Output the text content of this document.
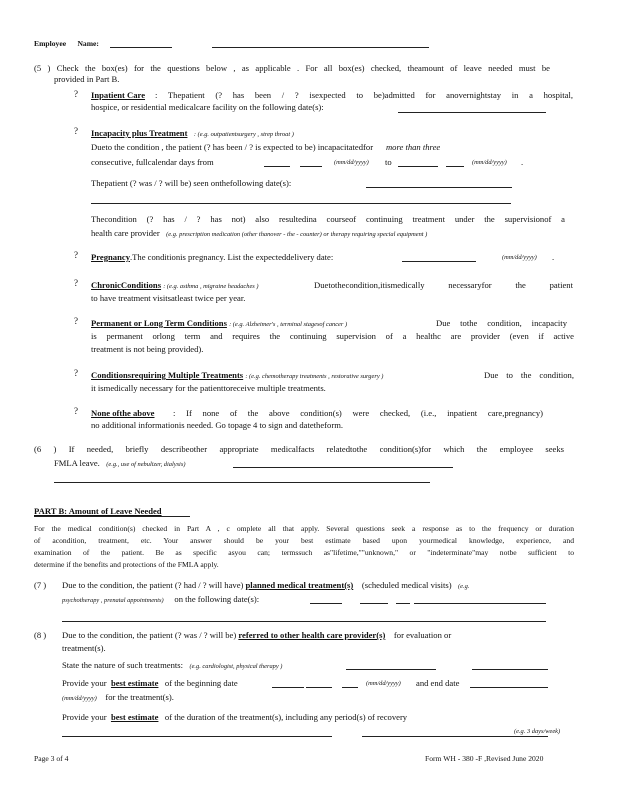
Employee Name:
(5 ) Check the box(es) for the questions below , as applicable . For all box(es) checked, theamount of leave needed must be
provided in Part B.
? Inpatient Care : Thepatient (? has been / ? isexpected to be)admitted for anovernightstay in a hospital,
hospice, or residential medicalcare facility on the following date(s):
? Incapacity plus Treatment : (e.g. outpatientsurgery , strep throat )
Dueto the condition , the patient (? has been / ? is expected to be) incapacitatedfor more than three
consecutive, fullcalendar days from	(mm/dd/yyyy) to	(mm/dd/yyyy) .
Thepatient (? was / ? will be) seen onthefollowing date(s):
Thecondition (? has / ? has not) also resultedina courseof continuing treatment under the supervisionof a
health care provider (e.g. prescription medication (other thanover - the - counter) or therapy requiring special equipment )
? Pregnancy.The conditionis pregnancy. List the expecteddelivery date:	(mm/dd/yyyy) .
? ChronicConditions : (e.g. asthma , migraine headaches )	Duetothecondition,itismedically necessaryfor the patient
to have treatment visitsatleast twice per year.
? Permanent or Long Term Conditions : (e.g. Alzheimer's , terminal stagesof cancer )	Due tothe condition, incapacity
is permanent orlong term and requires the continuing supervision of a healthc are provider (even if active
treatment is not being provided).
? Conditionsrequiring Multiple Treatments : (e.g. chemotherapy treatments , restorative surgery )	Due to the condition,
it ismedically necessary for the patienttoreceive multiple treatments.
? None ofthe above : If none of the above condition(s) were checked, (i.e., inpatient care,pregnancy)
no additional informationis needed. Go topage 4 to sign and datetheform.
(6 ) If needed, briefly describeother appropriate medicalfacts relatedtothe condition(s)for which the employee seeks
FMLA leave. (e.g., use of nebulizer, dialysis)
PART B: Amount of Leave Needed
For the medical condition(s) checked in Part A , c omplete all that apply. Several questions seek a response as to the frequency or duration
of acondition, treatment, etc. Your answer should be your best estimate based upon yourmedical knowledge, experience, and
examination of the patient. Be as specific asyou can; termssuch as"lifetime,""unknown," or "indeterminate"may notbe sufficient to
determine if the benefits and protections of the FMLA apply.
(7 ) Due to the condition, the patient (? had / ? will have) planned medical treatment(s) (scheduled medical visits) (e.g.
psychotherapy , prenatal appointments) on the following date(s):
(8 ) Due to the condition, the patient (? was / ? will be) referred to other health care provider(s) for evaluation or
treatment(s).
State the nature of such treatments: (e.g. cardiologist, physical therapy )
Provide your best estimate of the beginning date	(mm/dd/yyyy) and end date
(mm/dd/yyyy) for the treatment(s).
Provide your best estimate of the duration of the treatment(s), including any period(s) of recovery
(e.g. 3 days/week)
Page 3 of 4	Form WH - 380 -F ,Revised June 2020
